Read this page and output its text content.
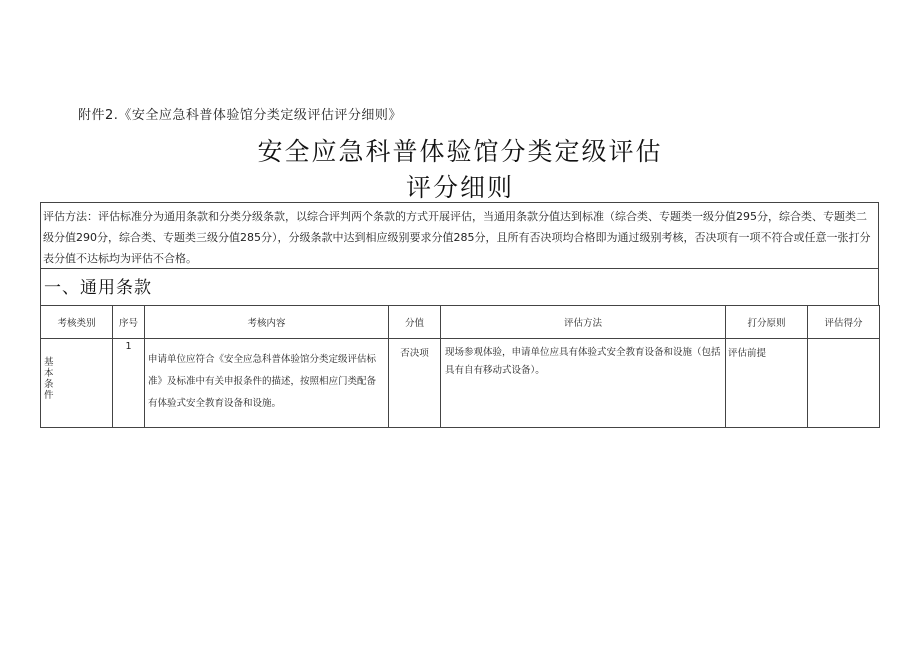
附件2.《安全应急科普体验馆分类定级评估评分细则》
安全应急科普体验馆分类定级评估
评分细则
评估方法：评估标准分为通用条款和分类分级条款，以综合评判两个条款的方式开展评估，当通用条款分值达到标准（综合类、专题类一级分值295分，综合类、专题类二级分值290分，综合类、专题类三级分值285分），分级条款中达到相应级别要求分值285分，且所有否决项均合格即为通过级别考核，否决项有一项不符合或任意一张打分表分值不达标均为评估不合格。
一、通用条款
考核类别	序号	考核内容	分值	评估方法	打分原则	评估得分

基本条件	1	申请单位应符合《安全应急科普体验馆分类定级评估标准》及标准中有关申报条件的描述，按照相应门类配备有体验式安全教育设备和设施。	否决项	现场参观体验，申请单位应具有体验式安全教育设备和设施（包括具有自有移动式设备）。	评估前提	
